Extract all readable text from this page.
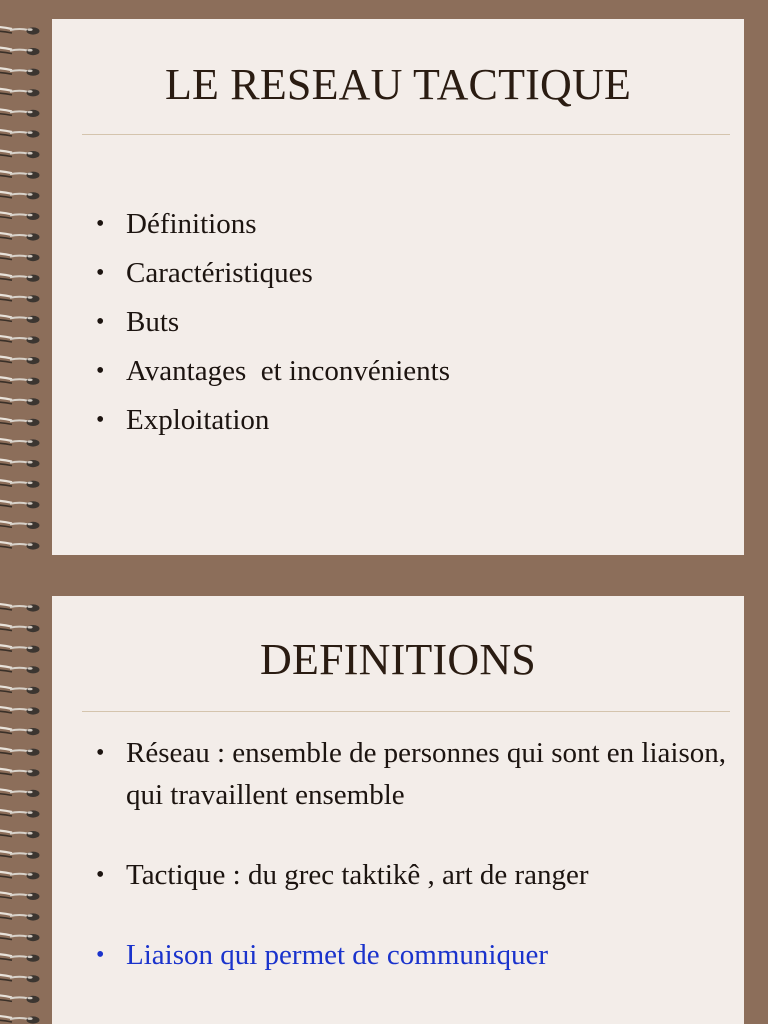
LE RESEAU TACTIQUE
• Définitions
• Caractéristiques
• Buts
• Avantages  et inconvénients
• Exploitation
DEFINITIONS
• Réseau : ensemble de personnes qui sont en liaison, qui travaillent ensemble
• Tactique : du grec taktikê , art de ranger
• Liaison qui permet de communiquer
